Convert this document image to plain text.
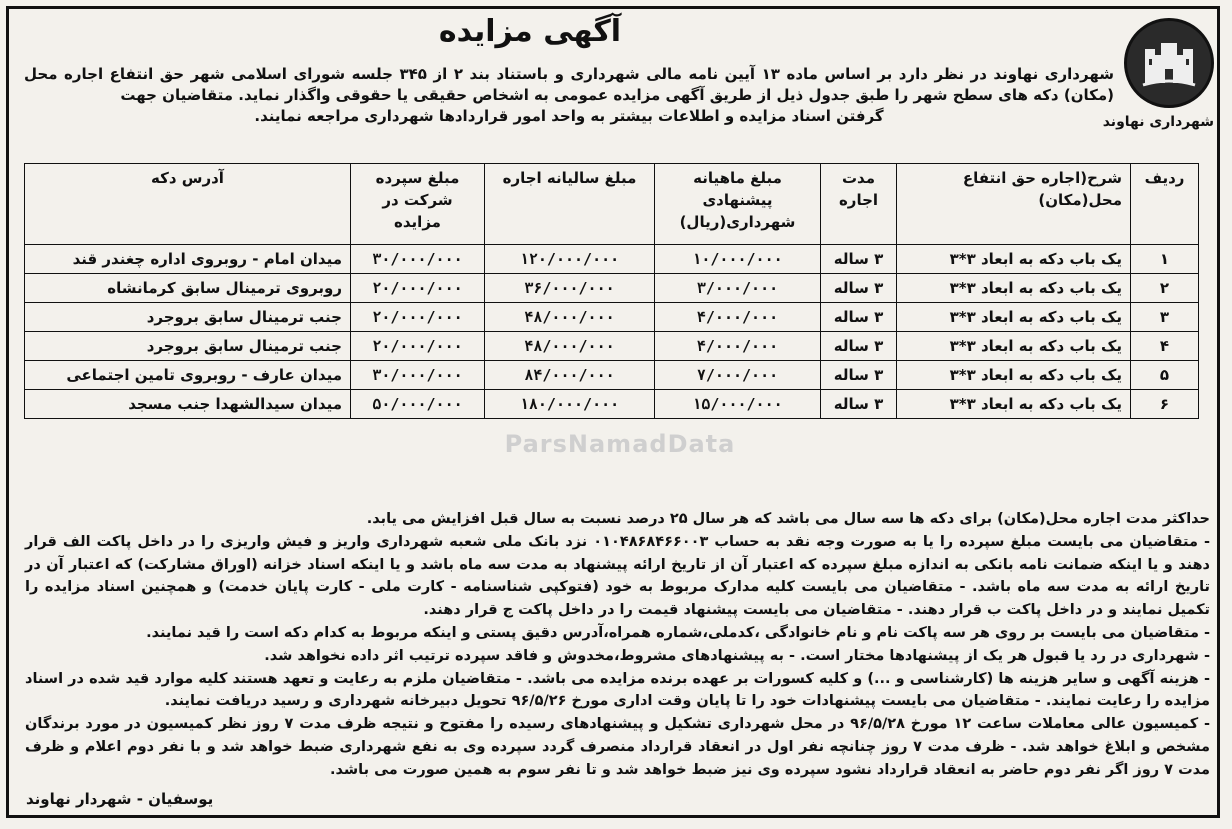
شهرداری نهاوند
آگهی مزایده
شهرداری نهاوند در نظر دارد بر اساس ماده ۱۳ آیین نامه مالی شهرداری و باستناد بند ۲ از ۳۴۵ جلسه شورای اسلامی شهر حق انتفاع اجاره محل (مکان) دکه های سطح شهر را طبق جدول ذیل از طریق آگهی مزایده عمومی به اشخاص حقیقی یا حقوقی واگذار نماید. متقاضیان جهت
گرفتن اسناد مزایده و اطلاعات بیشتر به واحد امور قراردادها شهرداری مراجعه نمایند.
ردیف	شرح(اجاره حق انتفاع محل(مکان)	مدت اجاره	مبلغ ماهیانه پیشنهادی شهرداری(ریال)	مبلغ سالیانه اجاره	مبلغ سپرده شرکت در مزایده	آدرس دکه
۱	یک باب دکه به ابعاد ۳*۳	۳ ساله	۱۰/۰۰۰/۰۰۰	۱۲۰/۰۰۰/۰۰۰	۳۰/۰۰۰/۰۰۰	میدان امام - روبروی اداره چغندر قند
۲	یک باب دکه به ابعاد ۳*۳	۳ ساله	۳/۰۰۰/۰۰۰	۳۶/۰۰۰/۰۰۰	۲۰/۰۰۰/۰۰۰	روبروی ترمینال سابق کرمانشاه
۳	یک باب دکه به ابعاد ۳*۳	۳ ساله	۴/۰۰۰/۰۰۰	۴۸/۰۰۰/۰۰۰	۲۰/۰۰۰/۰۰۰	جنب ترمینال سابق بروجرد
۴	یک باب دکه به ابعاد ۳*۳	۳ ساله	۴/۰۰۰/۰۰۰	۴۸/۰۰۰/۰۰۰	۲۰/۰۰۰/۰۰۰	جنب ترمینال سابق بروجرد
۵	یک باب دکه به ابعاد ۳*۳	۳ ساله	۷/۰۰۰/۰۰۰	۸۴/۰۰۰/۰۰۰	۳۰/۰۰۰/۰۰۰	میدان عارف - روبروی تامین اجتماعی
۶	یک باب دکه به ابعاد ۳*۳	۳ ساله	۱۵/۰۰۰/۰۰۰	۱۸۰/۰۰۰/۰۰۰	۵۰/۰۰۰/۰۰۰	میدان سیدالشهدا جنب مسجد
ParsNamadData

حداکثر مدت اجاره محل(مکان) برای دکه ها سه سال می باشد که هر سال ۲۵ درصد نسبت به سال قبل افزایش می یابد.

- متقاضیان می بایست مبلغ سپرده را یا به صورت وجه نقد به حساب ۰۱۰۴۸۶۸۴۶۶۰۰۳ نزد بانک ملی شعبه شهرداری واریز و فیش واریزی را در داخل پاکت الف قرار دهند و یا اینکه ضمانت نامه بانکی به اندازه مبلغ سپرده که اعتبار آن از تاریخ ارائه پیشنهاد به مدت سه ماه باشد و یا اینکه اسناد خزانه (اوراق مشارکت) که اعتبار آن در تاریخ ارائه به مدت سه ماه باشد. - متقاضیان می بایست کلیه مدارک مربوط به خود (فتوکپی شناسنامه - کارت ملی - کارت پایان خدمت) و همچنین اسناد مزایده را تکمیل نمایند و در داخل پاکت ب قرار دهند. - متقاضیان می بایست پیشنهاد قیمت را در داخل پاکت ج قرار دهند.

- متقاضیان می بایست بر روی هر سه پاکت نام و نام خانوادگی ،کدملی،شماره همراه،آدرس دقیق پستی و اینکه مربوط به کدام دکه است را قید نمایند.

- شهرداری در رد یا قبول هر یک از پیشنهادها مختار است. - به پیشنهادهای مشروط،مخدوش و فاقد سپرده ترتیب اثر داده نخواهد شد.

- هزینه آگهی و سایر هزینه ها (کارشناسی و ...) و کلیه کسورات بر عهده برنده مزایده می باشد. - متقاضیان ملزم به رعایت و تعهد هستند کلیه موارد قید شده در اسناد مزایده را رعایت نمایند. - متقاضیان می بایست پیشنهادات خود را تا پایان وقت اداری مورخ ۹۶/۵/۲۶ تحویل دبیرخانه شهرداری و رسید دریافت نمایند.

- کمیسیون عالی معاملات ساعت ۱۲ مورخ ۹۶/۵/۲۸ در محل شهرداری تشکیل و پیشنهادهای رسیده را مفتوح و نتیجه ظرف مدت ۷ روز نظر کمیسیون در مورد برندگان مشخص و ابلاغ خواهد شد. - ظرف مدت ۷ روز چنانچه نفر اول در انعقاد قرارداد منصرف گردد سپرده وی به نفع شهرداری ضبط خواهد شد و با نفر دوم اعلام و ظرف مدت ۷ روز اگر نفر دوم حاضر به انعقاد قرارداد نشود سپرده وی نیز ضبط خواهد شد و تا نفر سوم به همین صورت می باشد.

یوسفیان - شهردار نهاوند
